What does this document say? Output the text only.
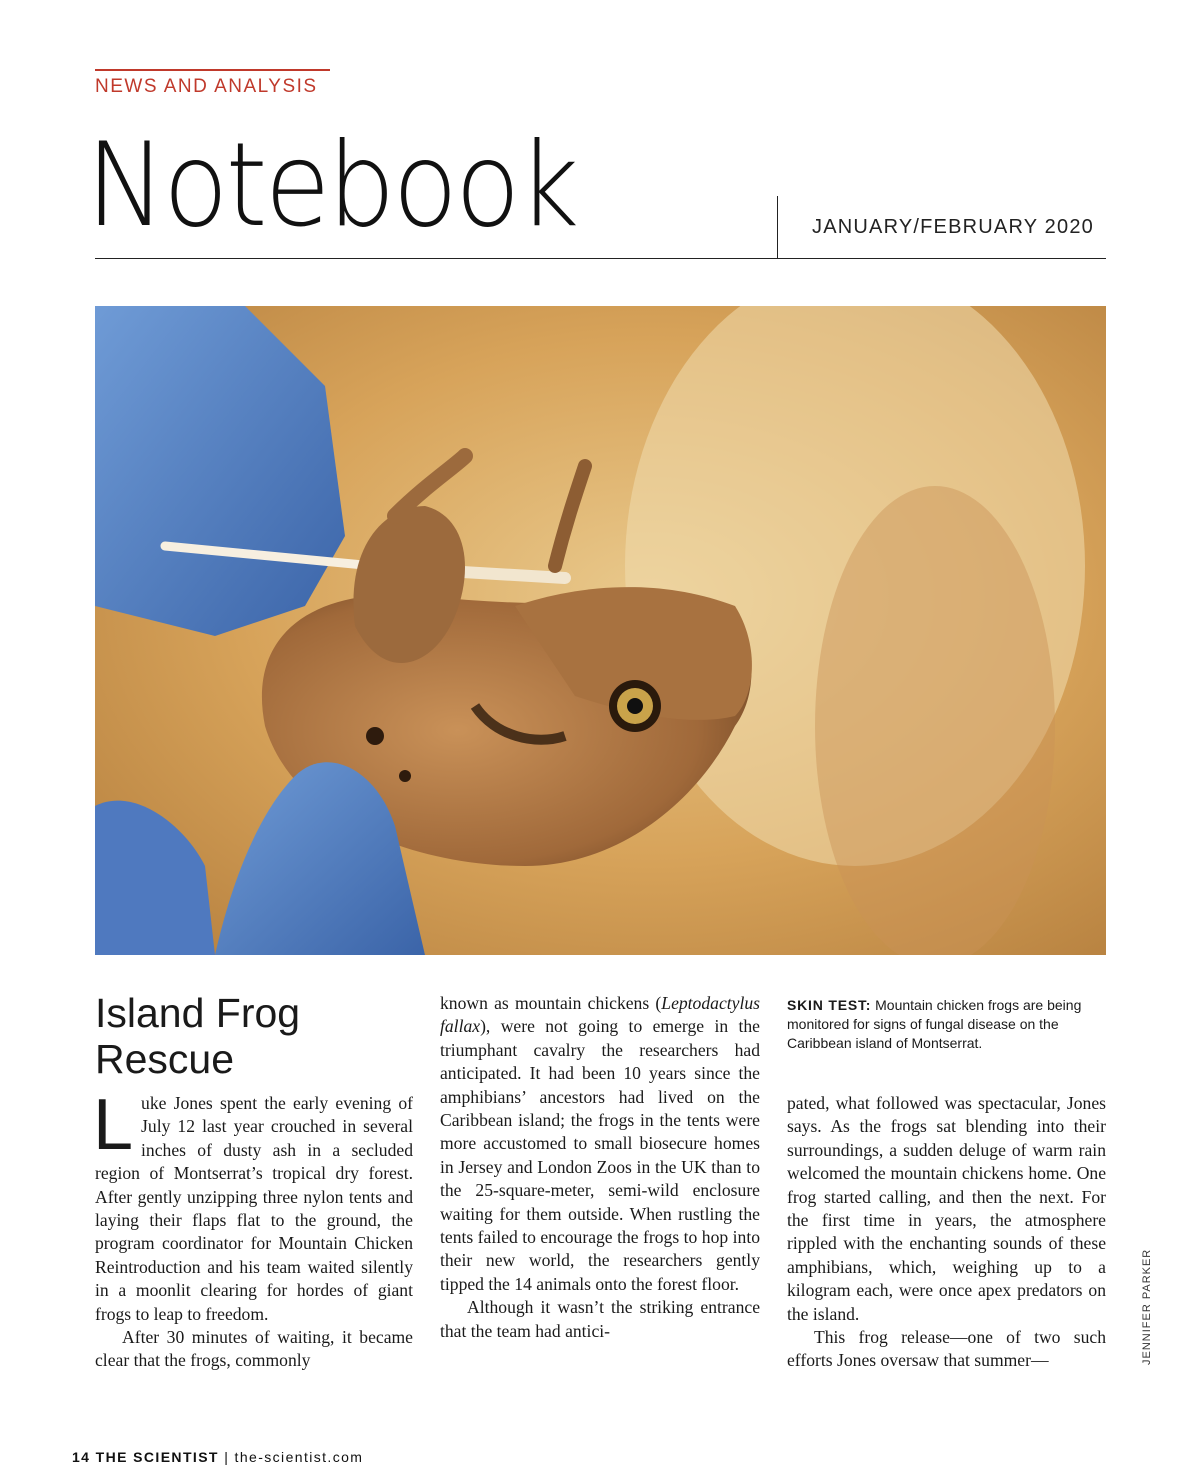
NEWS AND ANALYSIS
Notebook	JANUARY/FEBRUARY 2020
Island Frog Rescue

Luke Jones spent the early evening of July 12 last year crouched in several inches of dusty ash in a secluded region of Montserrat’s tropical dry forest. After gently unzipping three nylon tents and laying their flaps flat to the ground, the program coordinator for Mountain Chicken Reintroduction and his team waited silently in a moonlit clearing for hordes of giant frogs to leap to freedom.

After 30 minutes of waiting, it became clear that the frogs, commonly

known as mountain chickens (Leptodactylus fallax), were not going to emerge in the triumphant cavalry the researchers had anticipated. It had been 10 years since the amphibians’ ancestors had lived on the Caribbean island; the frogs in the tents were more accustomed to small biosecure homes in Jersey and London Zoos in the UK than to the 25-square-meter, semi-wild enclosure waiting for them outside. When rustling the tents failed to encourage the frogs to hop into their new world, the researchers gently tipped the 14 animals onto the forest floor.

Although it wasn’t the striking entrance that the team had antici-

SKIN TEST: Mountain chicken frogs are being monitored for signs of fungal disease on the Caribbean island of Montserrat.

pated, what followed was spectacular, Jones says. As the frogs sat blending into their surroundings, a sudden deluge of warm rain welcomed the mountain chickens home. One frog started calling, and then the next. For the first time in years, the atmosphere rippled with the enchanting sounds of these amphibians, which, weighing up to a kilogram each, were once apex predators on the island.

This frog release—one of two such efforts Jones oversaw that summer—	JENNIFER PARKER
14 THE SCIENTIST | the-scientist.com
